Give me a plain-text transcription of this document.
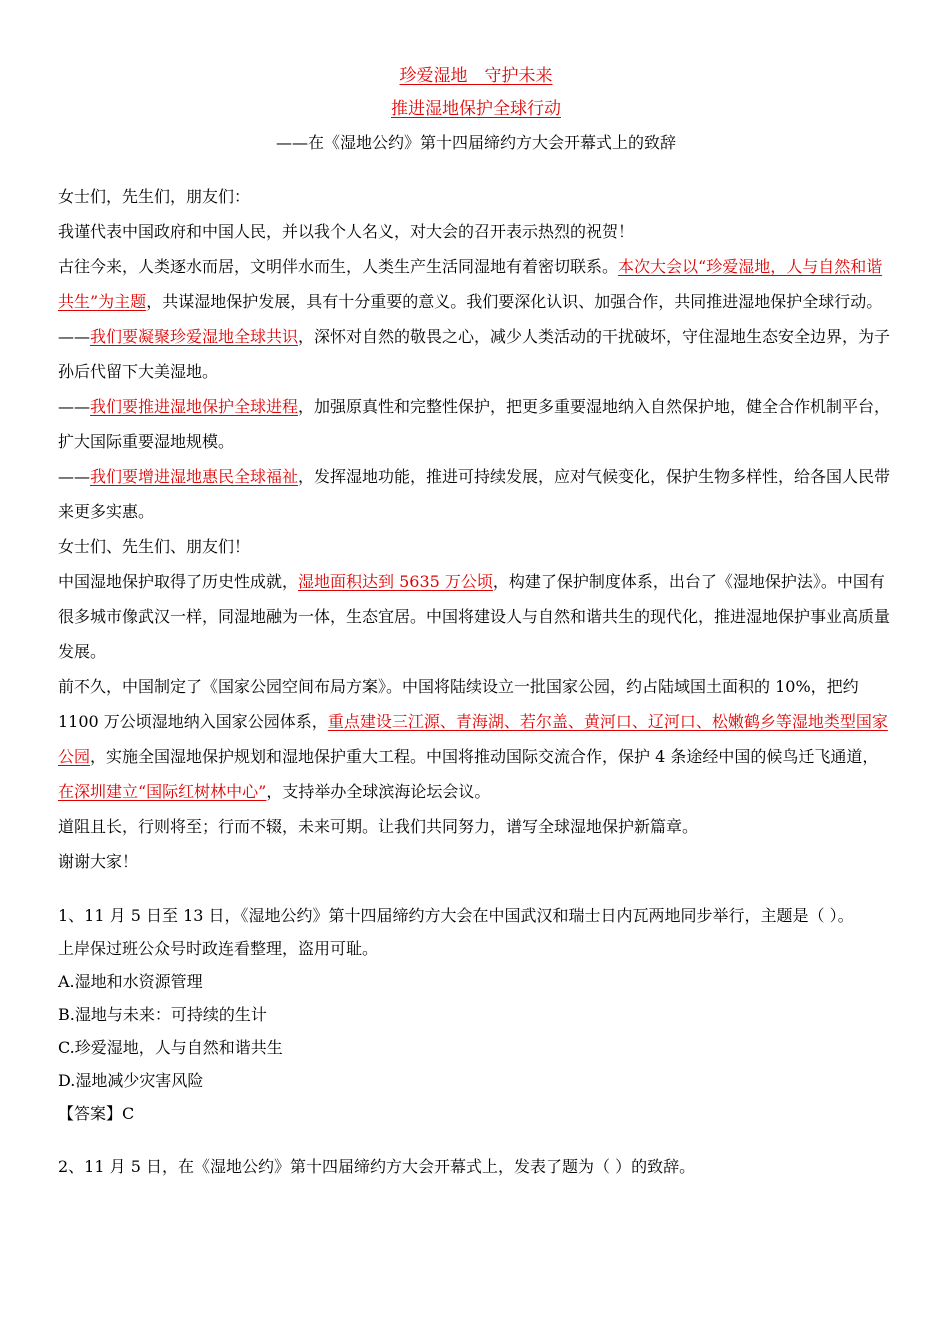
珍爱湿地　守护未来
推进湿地保护全球行动
——在《湿地公约》第十四届缔约方大会开幕式上的致辞

女士们，先生们，朋友们：

我谨代表中国政府和中国人民，并以我个人名义，对大会的召开表示热烈的祝贺！

古往今来，人类逐水而居，文明伴水而生，人类生产生活同湿地有着密切联系。本次大会以“珍爱湿地，人与自然和谐共生”为主题，共谋湿地保护发展，具有十分重要的意义。我们要深化认识、加强合作，共同推进湿地保护全球行动。

——我们要凝聚珍爱湿地全球共识，深怀对自然的敬畏之心，减少人类活动的干扰破坏，守住湿地生态安全边界，为子孙后代留下大美湿地。

——我们要推进湿地保护全球进程，加强原真性和完整性保护，把更多重要湿地纳入自然保护地，健全合作机制平台，扩大国际重要湿地规模。

——我们要增进湿地惠民全球福祉，发挥湿地功能，推进可持续发展，应对气候变化，保护生物多样性，给各国人民带来更多实惠。

女士们、先生们、朋友们！

中国湿地保护取得了历史性成就，湿地面积达到 5635 万公顷，构建了保护制度体系，出台了《湿地保护法》。中国有很多城市像武汉一样，同湿地融为一体，生态宜居。中国将建设人与自然和谐共生的现代化，推进湿地保护事业高质量发展。

前不久，中国制定了《国家公园空间布局方案》。中国将陆续设立一批国家公园，约占陆域国土面积的 10%，把约 1100 万公顷湿地纳入国家公园体系，重点建设三江源、青海湖、若尔盖、黄河口、辽河口、松嫩鹤乡等湿地类型国家公园，实施全国湿地保护规划和湿地保护重大工程。中国将推动国际交流合作，保护 4 条途经中国的候鸟迁飞通道，在深圳建立“国际红树林中心”，支持举办全球滨海论坛会议。

道阻且长，行则将至；行而不辍，未来可期。让我们共同努力，谱写全球湿地保护新篇章。

谢谢大家！

1、11 月 5 日至 13 日，《湿地公约》第十四届缔约方大会在中国武汉和瑞士日内瓦两地同步举行，主题是（ ）。

上岸保过班公众号时政连看整理，盗用可耻。

A.湿地和水资源管理

B.湿地与未来：可持续的生计

C.珍爱湿地，人与自然和谐共生

D.湿地减少灾害风险

【答案】C

2、11 月 5 日，在《湿地公约》第十四届缔约方大会开幕式上，发表了题为（ ）的致辞。
